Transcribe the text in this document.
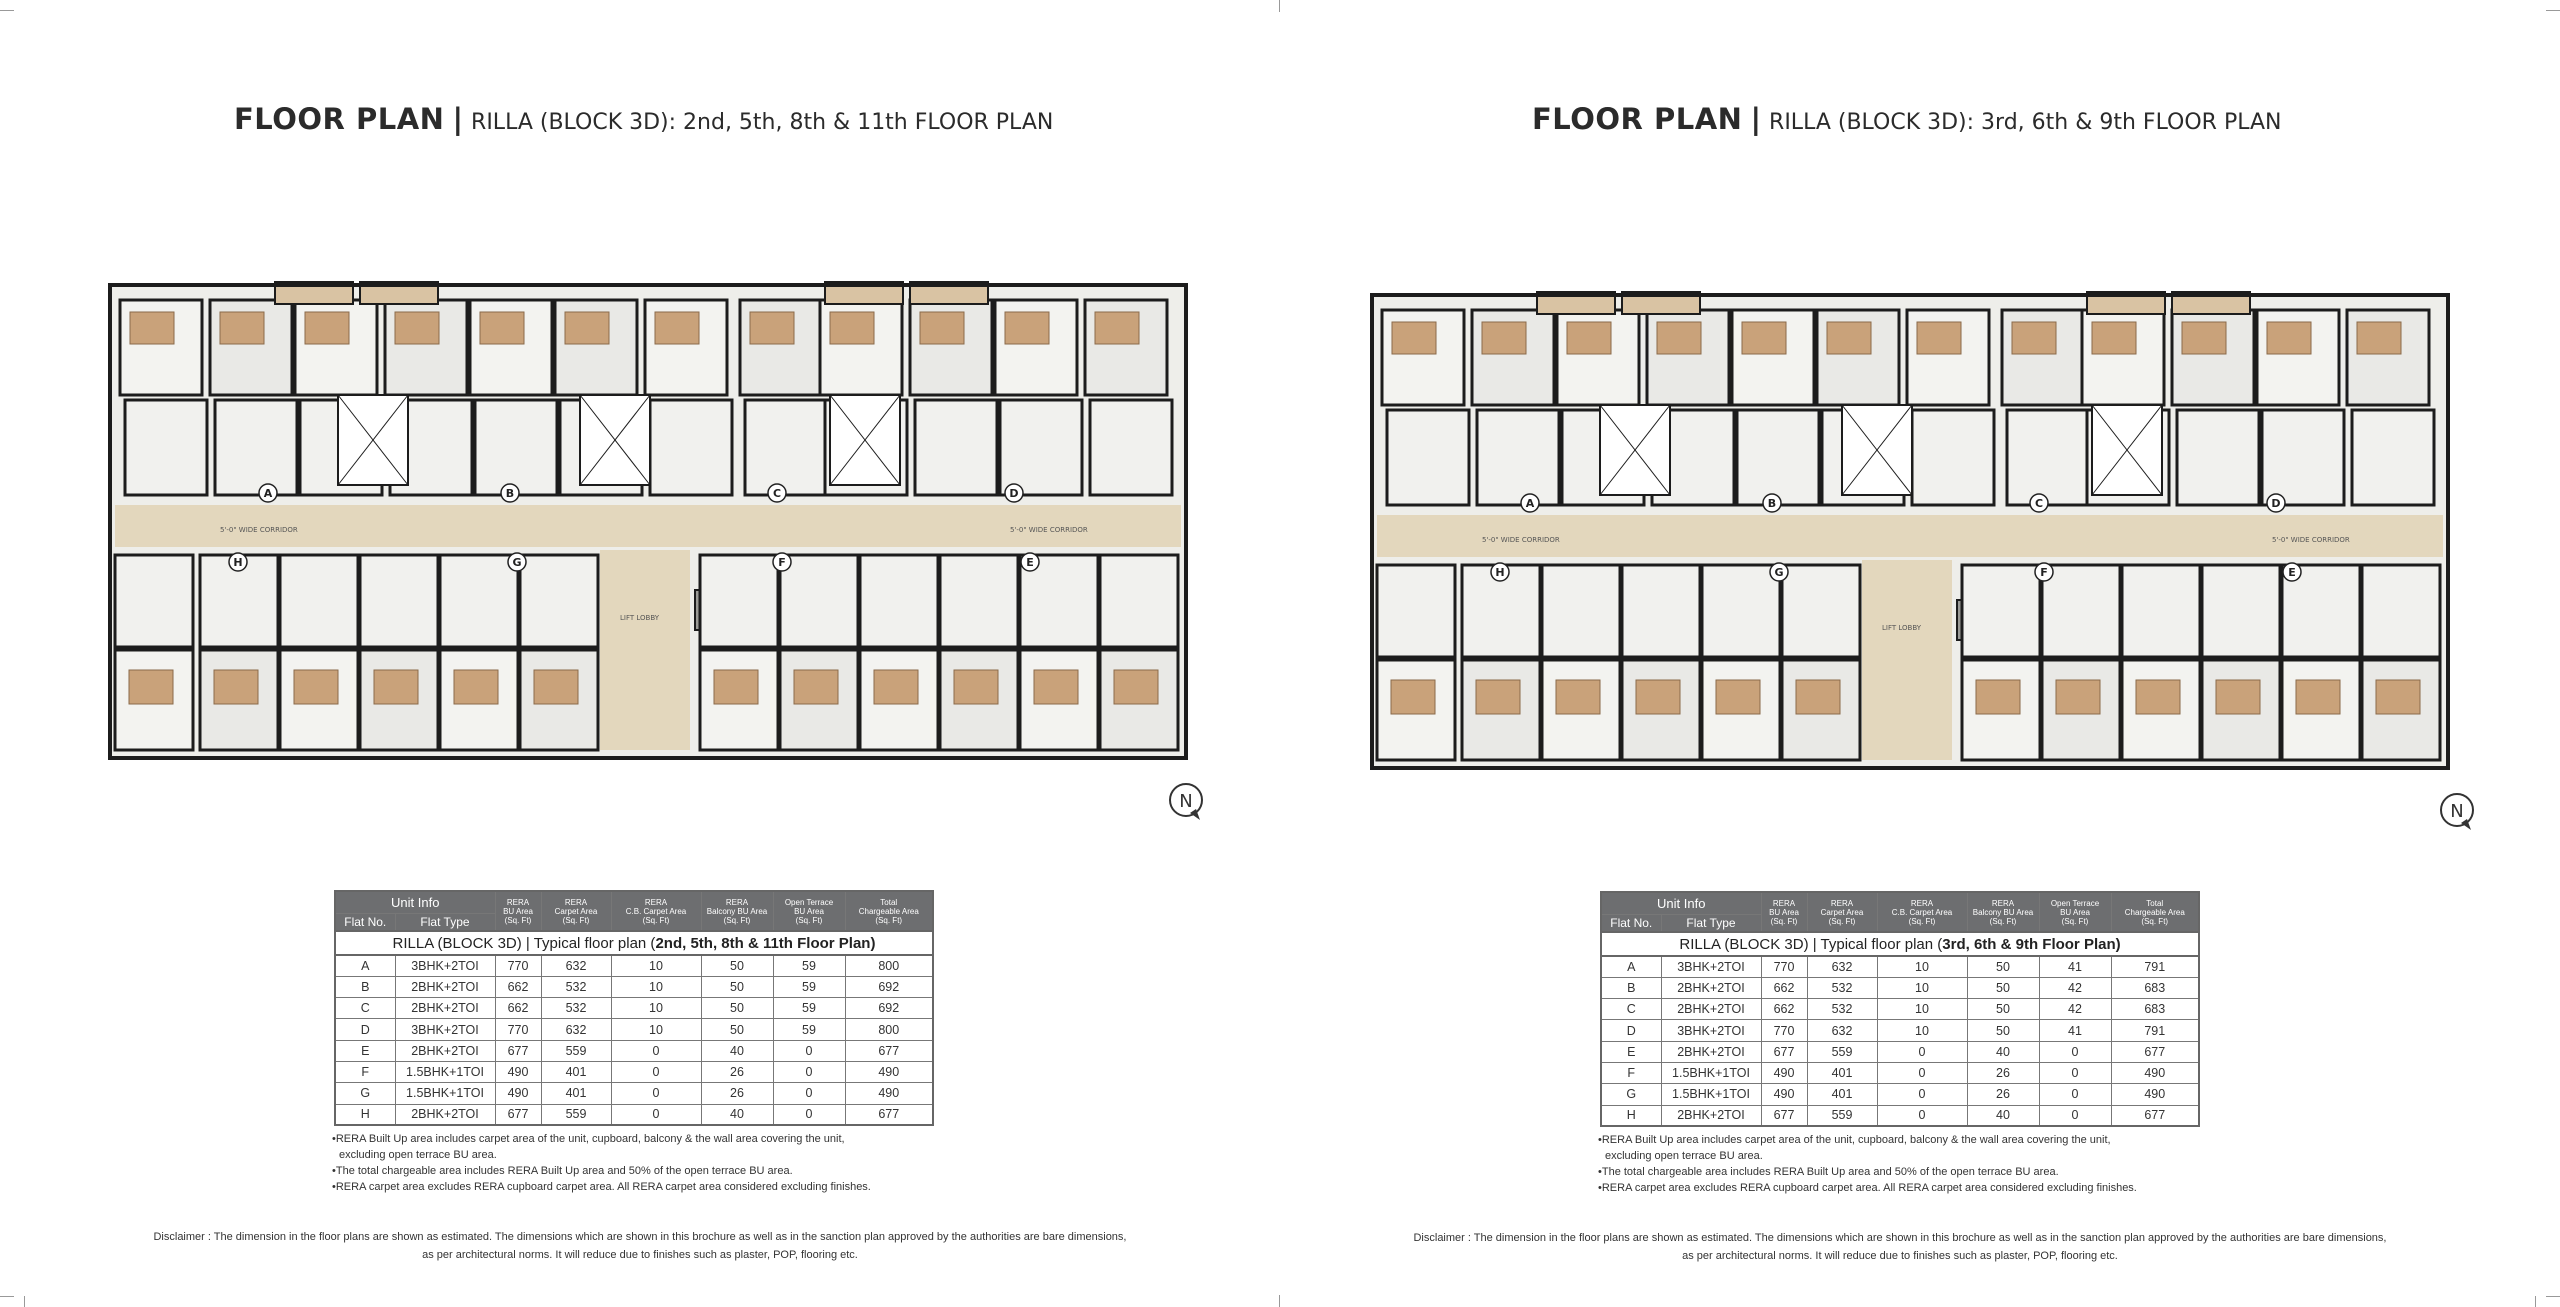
FLOOR PLAN | RILLA (BLOCK 3D): 2nd, 5th, 8th & 11th FLOOR PLAN
5'-0" WIDE CORRIDOR	5'-0" WIDE CORRIDOR
LIFT LOBBY
A	B	C	D
E
F
G
H
N
RILLA (BLOCK 3D) | Typical floor plan (2nd, 5th, 8th & 11th Floor Plan)							
Unit Info		RERA
BU Area
(Sq. Ft)	RERA
Carpet Area
(Sq. Ft)	RERA
C.B. Carpet Area
(Sq. Ft)	RERA
Balcony BU Area
(Sq. Ft)	Open Terrace
BU Area
(Sq. Ft)	Total
Chargeable Area
(Sq. Ft)
Flat No.	Flat Type						
A	3BHK+2TOI	770	632	10	50	59	800
B	2BHK+2TOI	662	532	10	50	59	692
C	2BHK+2TOI	662	532	10	50	59	692
D	3BHK+2TOI	770	632	10	50	59	800
E	2BHK+2TOI	677	559	0	40	0	677
F	1.5BHK+1TOI	490	401	0	26	0	490
G	1.5BHK+1TOI	490	401	0	26	0	490
H	2BHK+2TOI	677	559	0	40	0	677
•RERA Built Up area includes carpet area of the unit, cupboard, balcony & the wall area covering the unit,
excluding open terrace BU area.
•The total chargeable area includes RERA Built Up area and 50% of the open terrace BU area.
•RERA carpet area excludes RERA cupboard carpet area. All RERA carpet area considered excluding finishes.
Disclaimer : The dimension in the floor plans are shown as estimated. The dimensions which are shown in this brochure as well as in the sanction plan approved by the authorities are bare dimensions,
as per architectural norms. It will reduce due to finishes such as plaster, POP, flooring etc.
FLOOR PLAN | RILLA (BLOCK 3D): 3rd, 6th & 9th FLOOR PLAN
5'-0" WIDE CORRIDOR	5'-0" WIDE CORRIDOR
LIFT LOBBY
A	B	C	D
E
F
G
H
N
RILLA (BLOCK 3D) | Typical floor plan (3rd, 6th & 9th Floor Plan)							
Unit Info		RERA
BU Area
(Sq. Ft)	RERA
Carpet Area
(Sq. Ft)	RERA
C.B. Carpet Area
(Sq. Ft)	RERA
Balcony BU Area
(Sq. Ft)	Open Terrace
BU Area
(Sq. Ft)	Total
Chargeable Area
(Sq. Ft)
Flat No.	Flat Type						
A	3BHK+2TOI	770	632	10	50	41	791
B	2BHK+2TOI	662	532	10	50	42	683
C	2BHK+2TOI	662	532	10	50	42	683
D	3BHK+2TOI	770	632	10	50	41	791
E	2BHK+2TOI	677	559	0	40	0	677
F	1.5BHK+1TOI	490	401	0	26	0	490
G	1.5BHK+1TOI	490	401	0	26	0	490
H	2BHK+2TOI	677	559	0	40	0	677
•RERA Built Up area includes carpet area of the unit, cupboard, balcony & the wall area covering the unit,
excluding open terrace BU area.
•The total chargeable area includes RERA Built Up area and 50% of the open terrace BU area.
•RERA carpet area excludes RERA cupboard carpet area. All RERA carpet area considered excluding finishes.
Disclaimer : The dimension in the floor plans are shown as estimated. The dimensions which are shown in this brochure as well as in the sanction plan approved by the authorities are bare dimensions,
as per architectural norms. It will reduce due to finishes such as plaster, POP, flooring etc.
